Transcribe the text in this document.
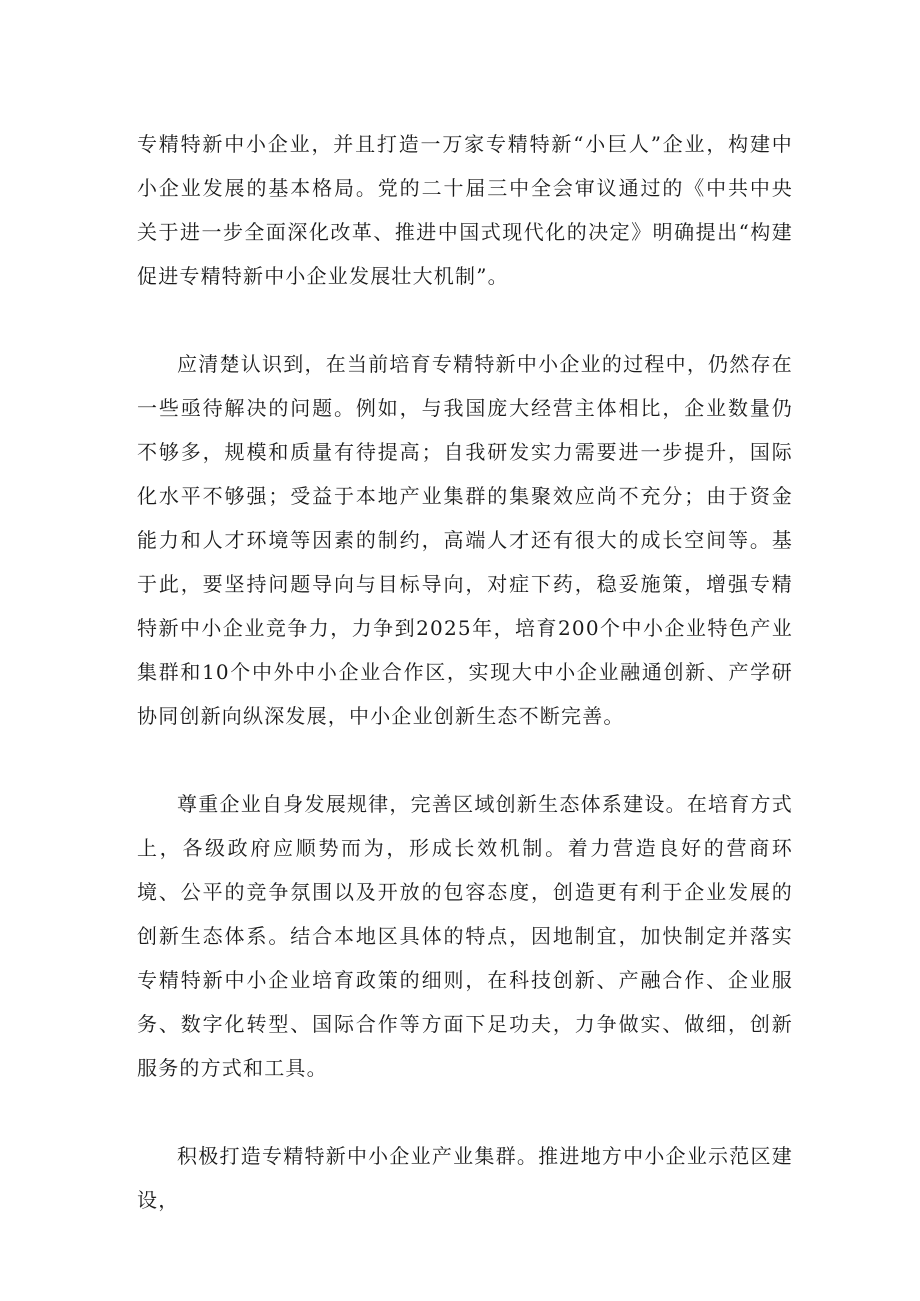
专精特新中小企业，并且打造一万家专精特新“小巨人”企业，构建中小企业发展的基本格局。党的二十届三中全会审议通过的《中共中央关于进一步全面深化改革、推进中国式现代化的决定》明确提出“构建促进专精特新中小企业发展壮大机制”。

应清楚认识到，在当前培育专精特新中小企业的过程中，仍然存在一些亟待解决的问题。例如，与我国庞大经营主体相比，企业数量仍不够多，规模和质量有待提高；自我研发实力需要进一步提升，国际化水平不够强；受益于本地产业集群的集聚效应尚不充分；由于资金能力和人才环境等因素的制约，高端人才还有很大的成长空间等。基于此，要坚持问题导向与目标导向，对症下药，稳妥施策，增强专精特新中小企业竞争力，力争到2025年，培育200个中小企业特色产业集群和10个中外中小企业合作区，实现大中小企业融通创新、产学研协同创新向纵深发展，中小企业创新生态不断完善。

尊重企业自身发展规律，完善区域创新生态体系建设。在培育方式上，各级政府应顺势而为，形成长效机制。着力营造良好的营商环境、公平的竞争氛围以及开放的包容态度，创造更有利于企业发展的创新生态体系。结合本地区具体的特点，因地制宜，加快制定并落实专精特新中小企业培育政策的细则，在科技创新、产融合作、企业服务、数字化转型、国际合作等方面下足功夫，力争做实、做细，创新服务的方式和工具。

积极打造专精特新中小企业产业集群。推进地方中小企业示范区建设，
